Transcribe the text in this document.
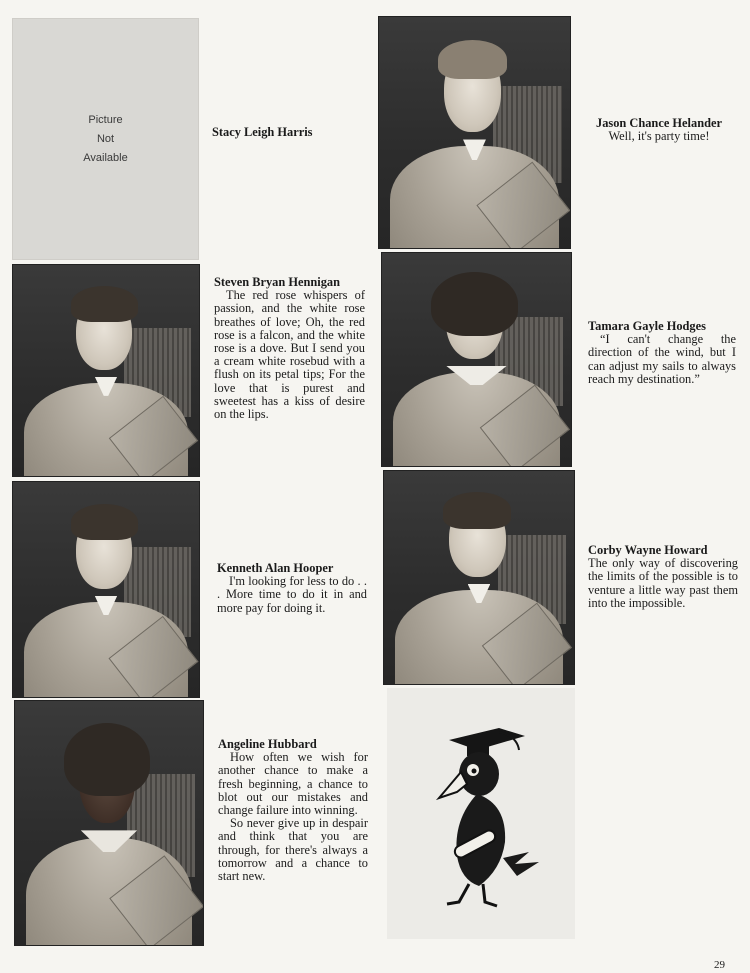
Picture
Not
Available
Stacy Leigh Harris
Steven Bryan Hennigan
The red rose whispers of passion, and the white rose breathes of love; Oh, the red rose is a falcon, and the white rose is a dove. But I send you a cream white rosebud with a flush on its petal tips; For the love that is purest and sweetest has a kiss of desire on the lips.
Kenneth Alan Hooper
I'm looking for less to do . . . More time to do it in and more pay for doing it.
Angeline Hubbard
How often we wish for another chance to make a fresh beginning, a chance to blot out our mistakes and change failure into winning.
So never give up in despair and think that you are through, for there's always a tomorrow and a chance to start new.
Jason Chance Helander
Well, it's party time!
Tamara Gayle Hodges
“I can't change the direction of the wind, but I can adjust my sails to always reach my destination.”
Corby Wayne Howard
The only way of discovering the limits of the possible is to venture a little way past them into the impossible.
29
